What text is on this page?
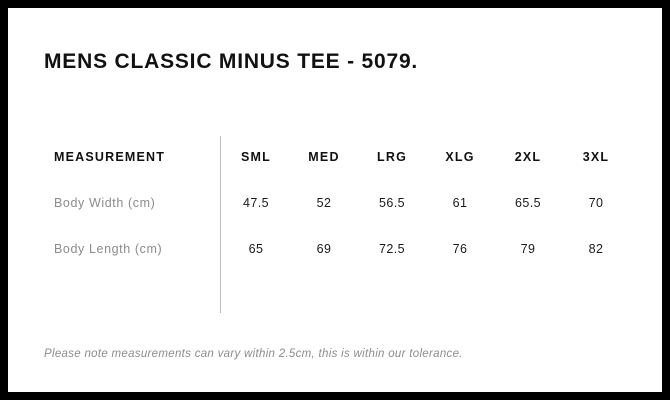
MENS CLASSIC MINUS TEE - 5079.
MEASUREMENT	SML	MED	LRG	XLG	2XL	3XL
Body Width (cm)	47.5	52	56.5	61	65.5	70
Body Length (cm)	65	69	72.5	76	79	82
Please note measurements can vary within 2.5cm, this is within our tolerance.
